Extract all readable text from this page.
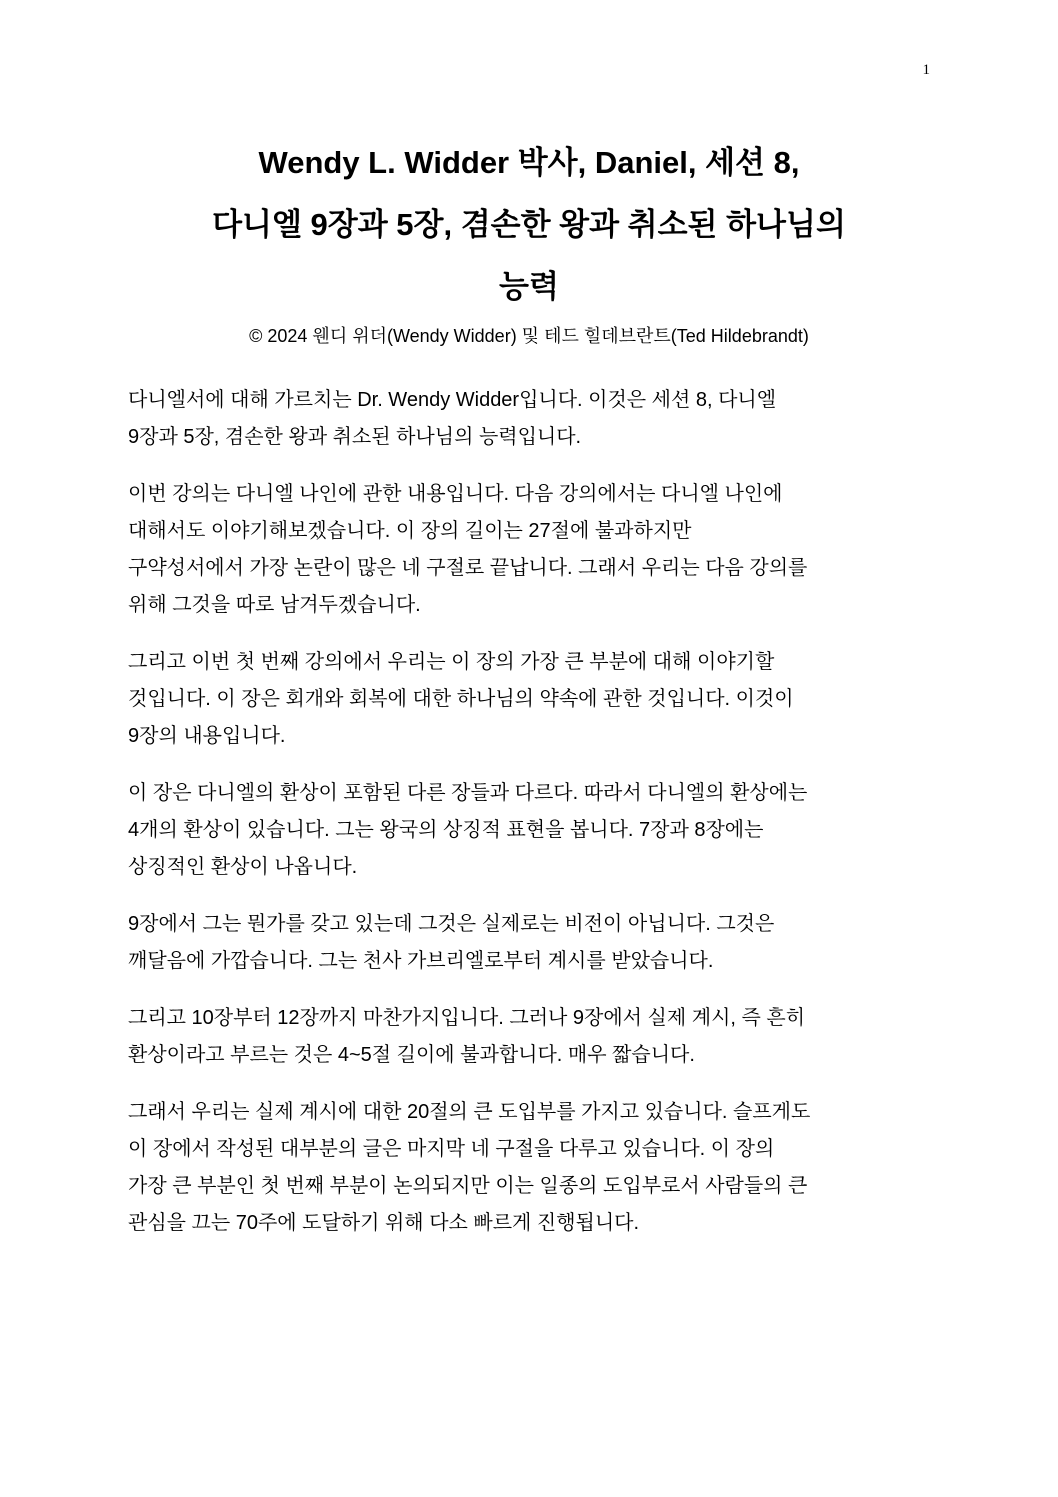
1

Wendy L. Widder 박사, Daniel, 세션 8,

다니엘 9장과 5장, 겸손한 왕과 취소된 하나님의

능력

© 2024 웬디 위더(Wendy Widder) 및 테드 힐데브란트(Ted Hildebrandt)

다니엘서에 대해 가르치는 Dr. Wendy Widder입니다. 이것은 세션 8, 다니엘
9장과 5장, 겸손한 왕과 취소된 하나님의 능력입니다.

이번 강의는 다니엘 나인에 관한 내용입니다. 다음 강의에서는 다니엘 나인에
대해서도 이야기해보겠습니다. 이 장의 길이는 27절에 불과하지만
구약성서에서 가장 논란이 많은 네 구절로 끝납니다. 그래서 우리는 다음 강의를
위해 그것을 따로 남겨두겠습니다.

그리고 이번 첫 번째 강의에서 우리는 이 장의 가장 큰 부분에 대해 이야기할
것입니다. 이 장은 회개와 회복에 대한 하나님의 약속에 관한 것입니다. 이것이
9장의 내용입니다.

이 장은 다니엘의 환상이 포함된 다른 장들과 다르다. 따라서 다니엘의 환상에는
4개의 환상이 있습니다. 그는 왕국의 상징적 표현을 봅니다. 7장과 8장에는
상징적인 환상이 나옵니다.

9장에서 그는 뭔가를 갖고 있는데 그것은 실제로는 비전이 아닙니다. 그것은
깨달음에 가깝습니다. 그는 천사 가브리엘로부터 계시를 받았습니다.

그리고 10장부터 12장까지 마찬가지입니다. 그러나 9장에서 실제 계시, 즉 흔히
환상이라고 부르는 것은 4~5절 길이에 불과합니다. 매우 짧습니다.

그래서 우리는 실제 계시에 대한 20절의 큰 도입부를 가지고 있습니다. 슬프게도
이 장에서 작성된 대부분의 글은 마지막 네 구절을 다루고 있습니다. 이 장의
가장 큰 부분인 첫 번째 부분이 논의되지만 이는 일종의 도입부로서 사람들의 큰
관심을 끄는 70주에 도달하기 위해 다소 빠르게 진행됩니다.
